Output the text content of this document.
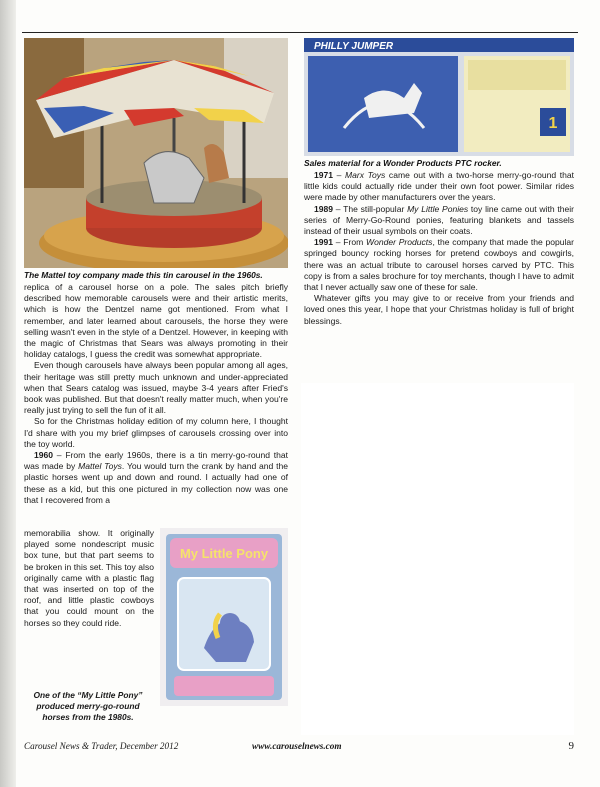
The Mattel toy company made this tin carousel in the 1960s.

replica of a carousel horse on a pole. The sales pitch briefly described how memorable carousels were and their artistic merits, which is how the Dentzel name got mentioned. From what I remember, and later learned about carousels, the horse they were selling wasn't even in the style of a Dentzel. However, in keeping with the magic of Christmas that Sears was always promoting in their holiday catalogs, I guess the credit was somewhat appropriate.

Even though carousels have always been popular among all ages, their heritage was still pretty much unknown and under-appreciated when that Sears catalog was issued, maybe 3-4 years after Fried's book was published. But that doesn't really matter much, when you're really just trying to sell the fun of it all.

So for the Christmas holiday edition of my column here, I thought I'd share with you my brief glimpses of carousels crossing over into the toy world.

1960 – From the early 1960s, there is a tin merry-go-round that was made by Mattel Toys. You would turn the crank by hand and the plastic horses went up and down and round. I actually had one of these as a kid, but this one pictured in my collection now was one that I recovered from a

memorabilia show. It originally played some nondescript music box tune, but that part seems to be broken in this set. This toy also originally came with a plastic flag that was inserted on top of the roof, and little plastic cowboys that you could mount on the horses so they could ride.

My Little Pony
One of the “My Little Pony” produced merry-go-round horses from the 1980s.
PHILLY JUMPER
1
Sales material for a Wonder Products PTC rocker.

1971 – Marx Toys came out with a two-horse merry-go-round that little kids could actually ride under their own foot power. Similar rides were made by other manufacturers over the years.

1989 – The still-popular My Little Ponies toy line came out with their series of Merry-Go-Round ponies, featuring blankets and tassels instead of their usual symbols on their coats.

1991 – From Wonder Products, the company that made the popular springed bouncy rocking horses for pretend cowboys and cowgirls, there was an actual tribute to carousel horses carved by PTC. This copy is from a sales brochure for toy merchants, though I have to admit that I never actually saw one of these for sale.

Whatever gifts you may give to or receive from your friends and loved ones this year, I hope that your Christmas holiday is full of bright blessings.

Carousel News & Trader, December 2012	www.carouselnews.com	9
